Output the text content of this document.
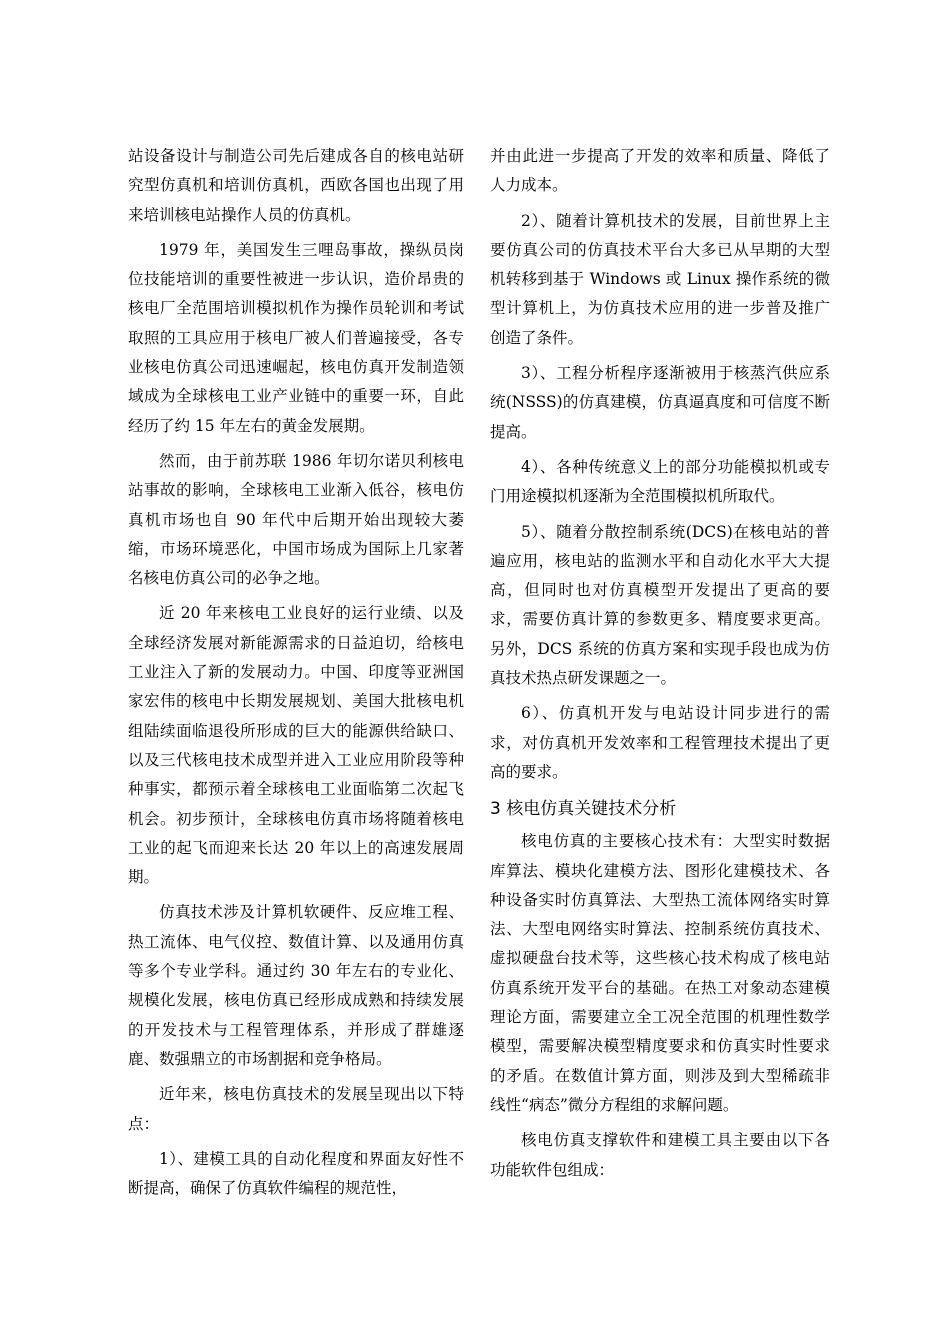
站设备设计与制造公司先后建成各自的核电站研究型仿真机和培训仿真机，西欧各国也出现了用来培训核电站操作人员的仿真机。

1979 年，美国发生三哩岛事故，操纵员岗位技能培训的重要性被进一步认识，造价昂贵的核电厂全范围培训模拟机作为操作员轮训和考试取照的工具应用于核电厂被人们普遍接受，各专业核电仿真公司迅速崛起，核电仿真开发制造领域成为全球核电工业产业链中的重要一环，自此经历了约 15 年左右的黄金发展期。

然而，由于前苏联 1986 年切尔诺贝利核电站事故的影响，全球核电工业渐入低谷，核电仿真机市场也自 90 年代中后期开始出现较大萎缩，市场环境恶化，中国市场成为国际上几家著名核电仿真公司的必争之地。

近 20 年来核电工业良好的运行业绩、以及全球经济发展对新能源需求的日益迫切，给核电工业注入了新的发展动力。中国、印度等亚洲国家宏伟的核电中长期发展规划、美国大批核电机组陆续面临退役所形成的巨大的能源供给缺口、以及三代核电技术成型并进入工业应用阶段等种种事实，都预示着全球核电工业面临第二次起飞机会。初步预计，全球核电仿真市场将随着核电工业的起飞而迎来长达 20 年以上的高速发展周期。

仿真技术涉及计算机软硬件、反应堆工程、热工流体、电气仪控、数值计算、以及通用仿真等多个专业学科。通过约 30 年左右的专业化、规模化发展，核电仿真已经形成成熟和持续发展的开发技术与工程管理体系，并形成了群雄逐鹿、数强鼎立的市场割据和竞争格局。

近年来，核电仿真技术的发展呈现出以下特点：

1）、建模工具的自动化程度和界面友好性不断提高，确保了仿真软件编程的规范性，

并由此进一步提高了开发的效率和质量、降低了人力成本。

2）、随着计算机技术的发展，目前世界上主要仿真公司的仿真技术平台大多已从早期的大型机转移到基于 Windows 或 Linux 操作系统的微型计算机上，为仿真技术应用的进一步普及推广创造了条件。

3）、工程分析程序逐渐被用于核蒸汽供应系统(NSSS)的仿真建模，仿真逼真度和可信度不断提高。

4）、各种传统意义上的部分功能模拟机或专门用途模拟机逐渐为全范围模拟机所取代。

5）、随着分散控制系统(DCS)在核电站的普遍应用，核电站的监测水平和自动化水平大大提高，但同时也对仿真模型开发提出了更高的要求，需要仿真计算的参数更多、精度要求更高。另外，DCS 系统的仿真方案和实现手段也成为仿真技术热点研发课题之一。

6）、仿真机开发与电站设计同步进行的需求，对仿真机开发效率和工程管理技术提出了更高的要求。

3 核电仿真关键技术分析

核电仿真的主要核心技术有：大型实时数据库算法、模块化建模方法、图形化建模技术、各种设备实时仿真算法、大型热工流体网络实时算法、大型电网络实时算法、控制系统仿真技术、虚拟硬盘台技术等，这些核心技术构成了核电站仿真系统开发平台的基础。在热工对象动态建模理论方面，需要建立全工况全范围的机理性数学模型，需要解决模型精度要求和仿真实时性要求的矛盾。在数值计算方面，则涉及到大型稀疏非线性“病态”微分方程组的求解问题。

核电仿真支撑软件和建模工具主要由以下各功能软件包组成：
